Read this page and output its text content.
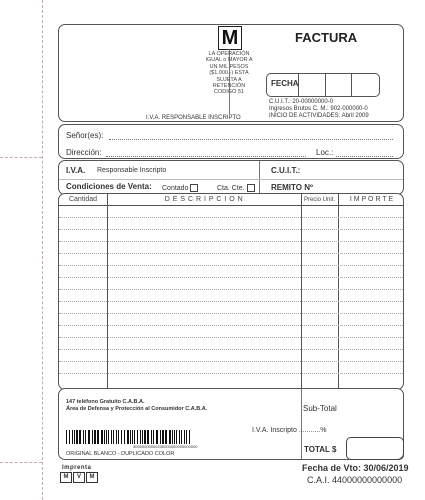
M
LA OPERACIÓN IGUAL o MAYOR A UN MIL PESOS ($1.000.-) ESTA SUJETA A RETENCIÓN CODIGO 51
FACTURA
FECHA
C.U.I.T.: 20-00000000-0
Ingresos Brutos C. M.: 902-000000-0
INICIO DE ACTIVIDADES: Abril 2009
I.V.A. RESPONSABLE INSCRIPTO
Señor(es):
Dirección:	Loc.:
I.V.A. Responsable Inscripto	C.U.I.T.:
Condiciones de Venta: Contado	Cta. Cte.	REMITO Nº
Cantidad	D E S C R I P C I O N	Precio Unit.	I M P O R T E
147 teléfono Gratuito C.A.B.A.
Área de Defensa y Protección al Consumidor C.A.B.A.	Sub-Total
I.V.A. Inscripto ...........%
TOTAL $
30000000000230000000000000000
ORIGINAL BLANCO - DUPLICADO COLOR
Imprenta
M	V	M
Fecha de Vto: 30/06/2019
C.A.I. 44000000000000
